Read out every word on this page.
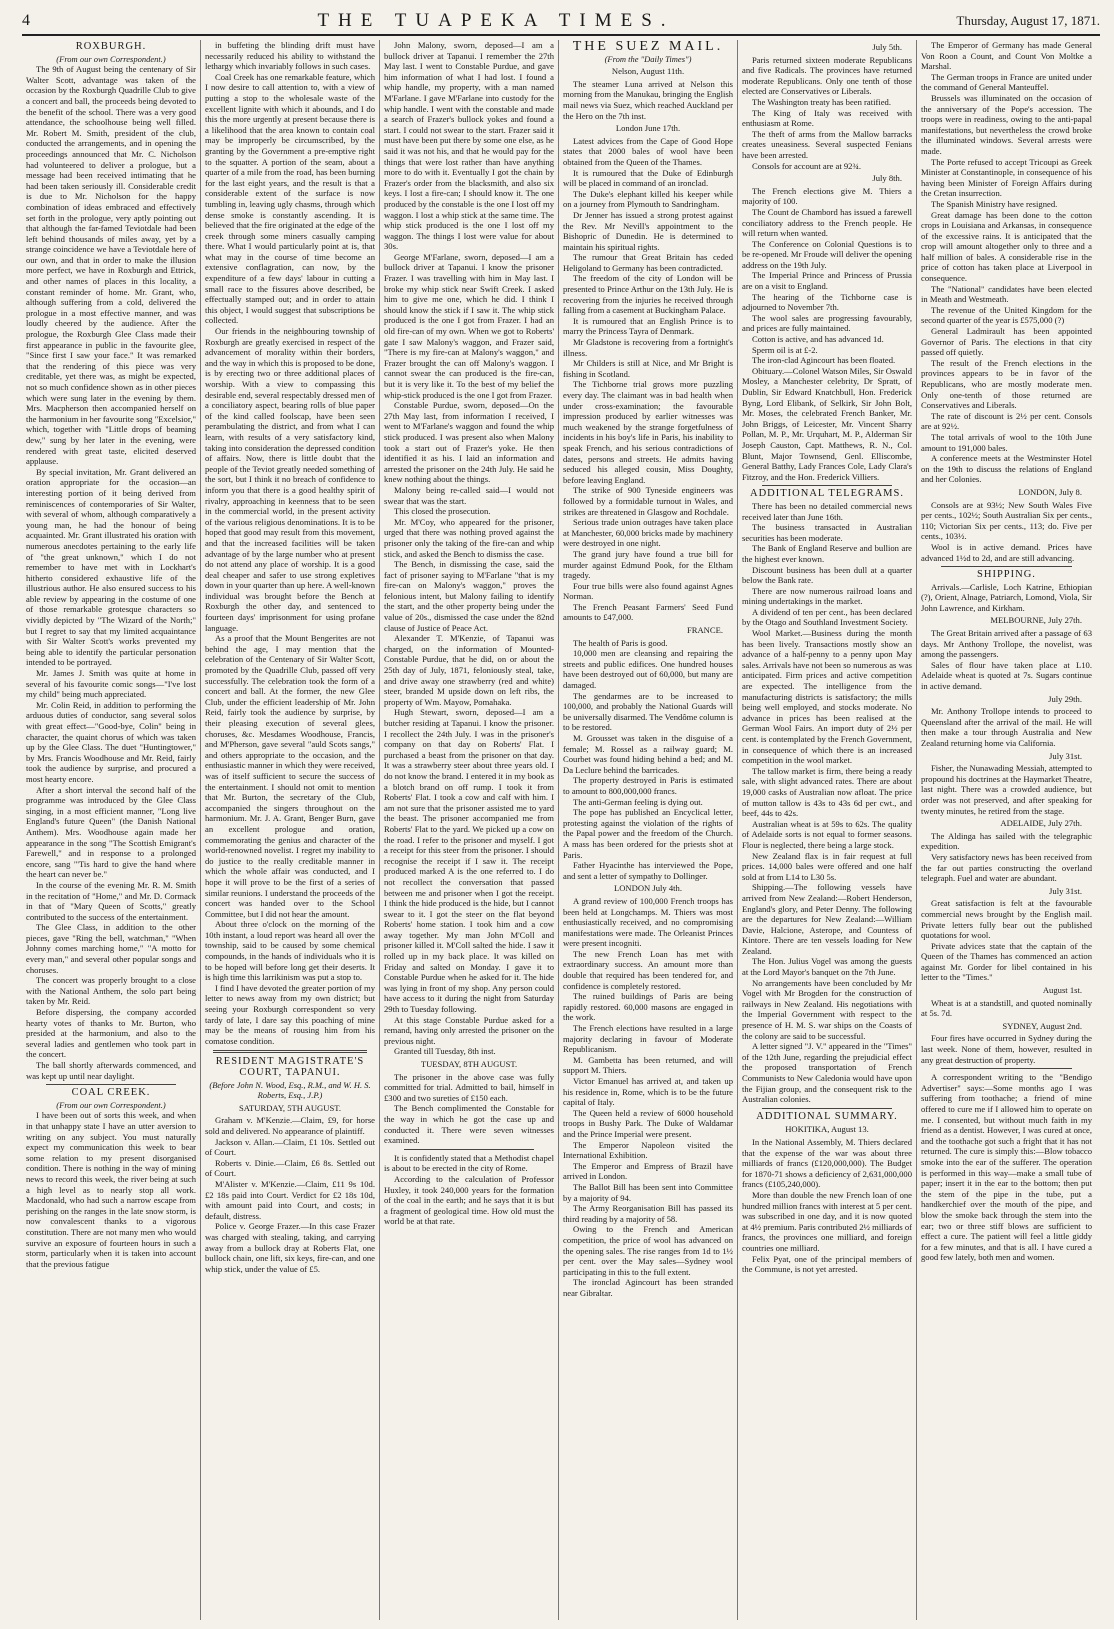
4	THE TUAPEKA TIMES.	Thursday, August 17, 1871.
ROXBURGH.

(From our own Correspondent.)

The 9th of August being the centenary of Sir Walter Scott, advantage was taken of the occasion by the Roxburgh Quadrille Club to give a concert and ball, the proceeds being devoted to the benefit of the school. There was a very good attendance, the schoolhouse being well filled. Mr. Robert M. Smith, president of the club, conducted the arrangements, and in opening the proceedings announced that Mr. C. Nicholson had volunteered to deliver a prologue, but a message had been received intimating that he had been taken seriously ill. Considerable credit is due to Mr. Nicholson for the happy combination of ideas embraced and effectively set forth in the prologue, very aptly pointing out that although the far-famed Teviotdale had been left behind thousands of miles away, yet by a strange coincidence we have a Teviotdale here of our own, and that in order to make the illusion more perfect, we have in Roxburgh and Ettrick, and other names of places in this locality, a constant reminder of home. Mr. Grant, who, although suffering from a cold, delivered the prologue in a most effective manner, and was loudly cheered by the audience. After the prologue, the Roxburgh Glee Class made their first appearance in public in the favourite glee, "Since first I saw your face." It was remarked that the rendering of this piece was very creditable, yet there was, as might be expected, not so much confidence shown as in other pieces which were sung later in the evening by them. Mrs. Macpherson then accompanied herself on the harmonium in her favourite song "Excelsior," which, together with "Little drops of beaming dew," sung by her later in the evening, were rendered with great taste, elicited deserved applause.

By special invitation, Mr. Grant delivered an oration appropriate for the occasion—an interesting portion of it being derived from reminiscences of contemporaries of Sir Walter, with several of whom, although comparatively a young man, he had the honour of being acquainted. Mr. Grant illustrated his oration with numerous anecdotes pertaining to the early life of "the great unknown," which I do not remember to have met with in Lockhart's hitherto considered exhaustive life of the illustrious author. He also ensured success to his able review by appearing in the costume of one of those remarkable grotesque characters so vividly depicted by "The Wizard of the North;" but I regret to say that my limited acquaintance with Sir Walter Scott's works prevented my being able to identify the particular personation intended to be portrayed.

Mr. James J. Smith was quite at home in several of his favourite comic songs—"I've lost my child" being much appreciated.

Mr. Colin Reid, in addition to performing the arduous duties of conductor, sang several solos with great effect—"Good-bye, Colin" being in character, the quaint chorus of which was taken up by the Glee Class. The duet "Huntingtower," by Mrs. Francis Woodhouse and Mr. Reid, fairly took the audience by surprise, and procured a most hearty encore.

After a short interval the second half of the programme was introduced by the Glee Class singing, in a most efficient manner, "Long live England's future Queen" (the Danish National Anthem). Mrs. Woodhouse again made her appearance in the song "The Scottish Emigrant's Farewell," and in response to a prolonged encore, sang "'Tis hard to give the hand where the heart can never be."

In the course of the evening Mr. R. M. Smith in the recitation of "Home," and Mr. D. Cormack in that of "Mary Queen of Scotts," greatly contributed to the success of the entertainment.

The Glee Class, in addition to the other pieces, gave "Ring the bell, watchman," "When Johnny comes marching home," "A motto for every man," and several other popular songs and choruses.

The concert was properly brought to a close with the National Anthem, the solo part being taken by Mr. Reid.

Before dispersing, the company accorded hearty votes of thanks to Mr. Burton, who presided at the harmonium, and also to the several ladies and gentlemen who took part in the concert.

The ball shortly afterwards commenced, and was kept up until near daylight.

COAL CREEK.

(From our own Correspondent.)

I have been out of sorts this week, and when in that unhappy state I have an utter aversion to writing on any subject. You must naturally expect my communication this week to bear some relation to my present disorganised condition. There is nothing in the way of mining news to record this week, the river being at such a high level as to nearly stop all work. Macdonald, who had such a narrow escape from perishing on the ranges in the late snow storm, is now convalescent thanks to a vigorous constitution. There are not many men who would survive an exposure of fourteen hours in such a storm, particularly when it is taken into account that the previous fatigue

in buffeting the blinding drift must have necessarily reduced his ability to withstand the lethargy which invariably follows in such cases.

Coal Creek has one remarkable feature, which I now desire to call attention to, with a view of putting a stop to the wholesale waste of the excellent lignite with which it abounds, and I do this the more urgently at present because there is a likelihood that the area known to contain coal may be improperly be circumscribed, by the granting by the Government a pre-emptive right to the squatter. A portion of the seam, about a quarter of a mile from the road, has been burning for the last eight years, and the result is that a considerable extent of the surface is now tumbling in, leaving ugly chasms, through which dense smoke is constantly ascending. It is believed that the fire originated at the edge of the creek through some miners casually camping there. What I would particularly point at is, that what may in the course of time become an extensive conflagration, can now, by the expenditure of a few days' labour in cutting a small race to the fissures above described, be effectually stamped out; and in order to attain this object, I would suggest that subscriptions be collected.

Our friends in the neighbouring township of Roxburgh are greatly exercised in respect of the advancement of morality within their borders, and the way in which this is proposed to be done, is by erecting two or three additional places of worship. With a view to compassing this desirable end, several respectably dressed men of a conciliatory aspect, bearing rolls of blue paper of the kind called foolscap, have been seen perambulating the district, and from what I can learn, with results of a very satisfactory kind, taking into consideration the depressed condition of affairs. Now, there is little doubt that the people of the Teviot greatly needed something of the sort, but I think it no breach of confidence to inform you that there is a good healthy spirit of rivalry, approaching in keenness that to be seen in the commercial world, in the present activity of the various religious denominations. It is to be hoped that good may result from this movement, and that the increased facilities will be taken advantage of by the large number who at present do not attend any place of worship. It is a good deal cheaper and safer to use strong expletives down in your quarter than up here. A well-known individual was brought before the Bench at Roxburgh the other day, and sentenced to fourteen days' imprisonment for using profane language.

As a proof that the Mount Bengerites are not behind the age, I may mention that the celebration of the Centenary of Sir Walter Scott, promoted by the Quadrille Club, passed off very successfully. The celebration took the form of a concert and ball. At the former, the new Glee Club, under the efficient leadership of Mr. John Reid, fairly took the audience by surprise, by their pleasing execution of several glees, choruses, &c. Mesdames Woodhouse, Francis, and M'Pherson, gave several "auld Scots sangs," and others appropriate to the occasion, and the enthusiastic manner in which they were received, was of itself sufficient to secure the success of the entertainment. I should not omit to mention that Mr. Burton, the secretary of the Club, accompanied the singers throughout on the harmonium. Mr. J. A. Grant, Benger Burn, gave an excellent prologue and oration, commemorating the genius and character of the world-renowned novelist. I regret my inability to do justice to the really creditable manner in which the whole affair was conducted, and I hope it will prove to be the first of a series of similar reunions. I understand the proceeds of the concert was handed over to the School Committee, but I did not hear the amount.

About three o'clock on the morning of the 10th instant, a loud report was heard all over the township, said to be caused by some chemical compounds, in the hands of individuals who it is to be hoped will before long get their deserts. It is high time this larrikinism was put a stop to.

I find I have devoted the greater portion of my letter to news away from my own district; but seeing your Roxburgh correspondent so very tardy of late, I dare say this poaching of mine may be the means of rousing him from his comatose condition.

RESIDENT MAGISTRATE'S COURT, TAPANUI.

(Before John N. Wood, Esq., R.M., and W. H. S. Roberts, Esq., J.P.)

SATURDAY, 5TH AUGUST.

Graham v. M'Kenzie.—Claim, £9, for horse sold and delivered. No appearance of plaintiff.

Jackson v. Allan.—Claim, £1 10s. Settled out of Court.

Roberts v. Dinie.—Claim, £6 8s. Settled out of Court.

M'Alister v. M'Kenzie.—Claim, £11 9s 10d. £2 18s paid into Court. Verdict for £2 18s 10d, with amount paid into Court, and costs; in default, distress.

Police v. George Frazer.—In this case Frazer was charged with stealing, taking, and carrying away from a bullock dray at Roberts Flat, one bullock chain, one lift, six keys, fire-can, and one whip stick, under the value of £5.

John Malony, sworn, deposed—I am a bullock driver at Tapanui. I remember the 27th May last. I went to Constable Purdue, and gave him information of what I had lost. I found a whip handle, my property, with a man named M'Farlane. I gave M'Farlane into custody for the whip handle. I went with the constable and made a search of Frazer's bullock yokes and found a start. I could not swear to the start. Frazer said it must have been put there by some one else, as he said it was not his, and that he would pay for the things that were lost rather than have anything more to do with it. Eventually I got the chain by Frazer's order from the blacksmith, and also six keys. I lost a fire-can; I should know it. The one produced by the constable is the one I lost off my waggon. I lost a whip stick at the same time. The whip stick produced is the one I lost off my waggon. The things I lost were value for about 30s.

George M'Farlane, sworn, deposed—I am a bullock driver at Tapanui. I know the prisoner Frazer. I was travelling with him in May last. I broke my whip stick near Swift Creek. I asked him to give me one, which he did. I think I should know the stick if I saw it. The whip stick produced is the one I got from Frazer. I had an old fire-can of my own. When we got to Roberts' gate I saw Malony's waggon, and Frazer said, "There is my fire-can at Malony's waggon," and Frazer brought the can off Malony's waggon. I cannot swear the can produced is the fire-can, but it is very like it. To the best of my belief the whip-stick produced is the one I got from Frazer.

Constable Purdue, sworn, deposed—On the 27th May last, from information I received, I went to M'Farlane's waggon and found the whip stick produced. I was present also when Malony took a start out of Frazer's yoke. He then identified it as his. I laid an information and arrested the prisoner on the 24th July. He said he knew nothing about the things.

Malony being re-called said—I would not swear that was the start.

This closed the prosecution.

Mr. M'Coy, who appeared for the prisoner, urged that there was nothing proved against the prisoner only the taking of the fire-can and whip stick, and asked the Bench to dismiss the case.

The Bench, in dismissing the case, said the fact of prisoner saying to M'Farlane "that is my fire-can on Malony's waggon," proves the felonious intent, but Malony failing to identify the start, and the other property being under the value of 20s., dismissed the case under the 82nd clause of Justice of Peace Act.

Alexander T. M'Kenzie, of Tapanui was charged, on the information of Mounted-Constable Purdue, that he did, on or about the 25th day of July, 1871, feloniously steal, take, and drive away one strawberry (red and white) steer, branded M upside down on left ribs, the property of Wm. Mayow, Pomahaka.

Hugh Stewart, sworn, deposed—I am a butcher residing at Tapanui. I know the prisoner. I recollect the 24th July. I was in the prisoner's company on that day on Roberts' Flat. I purchased a beast from the prisoner on that day. It was a strawberry steer about three years old. I do not know the brand. I entered it in my book as a blotch brand on off rump. I took it from Roberts' Flat. I took a cow and calf with him. I am not sure that the prisoner assisted me to yard the beast. The prisoner accompanied me from Roberts' Flat to the yard. We picked up a cow on the road. I refer to the prisoner and myself. I got a receipt for this steer from the prisoner. I should recognise the receipt if I saw it. The receipt produced marked A is the one referred to. I do not recollect the conversation that passed between me and prisoner when I got the receipt. I think the hide produced is the hide, but I cannot swear to it. I got the steer on the flat beyond Roberts' home station. I took him and a cow away together. My man John M'Coll and prisoner killed it. M'Coll salted the hide. I saw it rolled up in my back place. It was killed on Friday and salted on Monday. I gave it to Constable Purdue when he asked for it. The hide was lying in front of my shop. Any person could have access to it during the night from Saturday 29th to Tuesday following.

At this stage Constable Purdue asked for a remand, having only arrested the prisoner on the previous night.

Granted till Tuesday, 8th inst.

TUESDAY, 8TH AUGUST.

The prisoner in the above case was fully committed for trial. Admitted to bail, himself in £300 and two sureties of £150 each.

The Bench complimented the Constable for the way in which he got the case up and conducted it. There were seven witnesses examined.

It is confidently stated that a Methodist chapel is about to be erected in the city of Rome.

According to the calculation of Professor Huxley, it took 240,000 years for the formation of the coal in the earth; and he says that it is but a fragment of geological time. How old must the world be at that rate.

THE SUEZ MAIL.

(From the "Daily Times")

Nelson, August 11th.

The steamer Luna arrived at Nelson this morning from the Manukau, bringing the English mail news via Suez, which reached Auckland per the Hero on the 7th inst.

London June 17th.

Latest advices from the Cape of Good Hope states that 2000 bales of wool have been obtained from the Queen of the Thames.

It is rumoured that the Duke of Edinburgh will be placed in command of an ironclad.

The Duke's elephant killed his keeper while on a journey from Plymouth to Sandringham.

Dr Jenner has issued a strong protest against the Rev. Mr Nevill's appointment to the Bishopric of Dunedin. He is determined to maintain his spiritual rights.

The rumour that Great Britain has ceded Heligoland to Germany has been contradicted.

The freedom of the city of London will be presented to Prince Arthur on the 13th July. He is recovering from the injuries he received through falling from a casement at Buckingham Palace.

It is rumoured that an English Prince is to marry the Princess Tayra of Denmark.

Mr Gladstone is recovering from a fortnight's illness.

Mr Childers is still at Nice, and Mr Bright is fishing in Scotland.

The Tichborne trial grows more puzzling every day. The claimant was in bad health when under cross-examination; the favourable impression produced by earlier witnesses was much weakened by the strange forgetfulness of incidents in his boy's life in Paris, his inability to speak French, and his serious contradictions of dates, persons and streets. He admits having seduced his alleged cousin, Miss Doughty, before leaving England.

The strike of 900 Tyneside engineers was followed by a formidable turnout in Wales, and strikes are threatened in Glasgow and Rochdale.

Serious trade union outrages have taken place at Manchester, 60,000 bricks made by machinery were destroyed in one night.

The grand jury have found a true bill for murder against Edmund Pook, for the Eltham tragedy.

Four true bills were also found against Agnes Norman.

The French Peasant Farmers' Seed Fund amounts to £47,000.

FRANCE.

The health of Paris is good.

10,000 men are cleansing and repairing the streets and public edifices. One hundred houses have been destroyed out of 60,000, but many are damaged.

The gendarmes are to be increased to 100,000, and probably the National Guards will be universally disarmed. The Vendôme column is to be restored.

M. Grousset was taken in the disguise of a female; M. Rossel as a railway guard; M. Courbet was found hiding behind a bed; and M. Da Leclure behind the barricades.

The property destroyed in Paris is estimated to amount to 800,000,000 francs.

The anti-German feeling is dying out.

The pope has published an Encyclical letter, protesting against the violation of the rights of the Papal power and the freedom of the Church. A mass has been ordered for the priests shot at Paris.

Father Hyacinthe has interviewed the Pope, and sent a letter of sympathy to Dollinger.

LONDON July 4th.

A grand review of 100,000 French troops has been held at Longchamps. M. Thiers was most enthusiastically received, and no compromising manifestations were made. The Orleanist Princes were present incogniti.

The new French Loan has met with extraordinary success. An amount more than double that required has been tendered for, and confidence is completely restored.

The ruined buildings of Paris are being rapidly restored. 60,000 masons are engaged in the work.

The French elections have resulted in a large majority declaring in favour of Moderate Republicanism.

M. Gambetta has been returned, and will support M. Thiers.

Victor Emanuel has arrived at, and taken up his residence in, Rome, which is to be the future capital of Italy.

The Queen held a review of 6000 household troops in Bushy Park. The Duke of Waldamar and the Prince Imperial were present.

The Emperor Napoleon visited the International Exhibition.

The Emperor and Empress of Brazil have arrived in London.

The Ballot Bill has been sent into Committee by a majority of 94.

The Army Reorganisation Bill has passed its third reading by a majority of 58.

Owing to the French and American competition, the price of wool has advanced on the opening sales. The rise ranges from 1d to 1½ per cent. over the May sales—Sydney wool participating in this to the full extent.

The ironclad Agincourt has been stranded near Gibraltar.

July 5th.

Paris returned sixteen moderate Republicans and five Radicals. The provinces have returned moderate Republicans. Only one tenth of those elected are Conservatives or Liberals.

The Washington treaty has been ratified.

The King of Italy was received with enthusiasm at Rome.

The theft of arms from the Mallow barracks creates uneasiness. Several suspected Fenians have been arrested.

Consols for account are at 92¾.

July 8th.

The French elections give M. Thiers a majority of 100.

The Count de Chambord has issued a farewell conciliatory address to the French people. He will return when wanted.

The Conference on Colonial Questions is to be re-opened. Mr Froude will deliver the opening address on the 19th July.

The Imperial Prince and Princess of Prussia are on a visit to England.

The hearing of the Tichborne case is adjourned to November 7th.

The wool sales are progressing favourably, and prices are fully maintained.

Cotton is active, and has advanced 1d.

Sperm oil is at £-2.

The iron-clad Agincourt has been floated.

Obituary.—Colonel Watson Miles, Sir Oswald Mosley, a Manchester celebrity, Dr Spratt, of Dublin, Sir Edward Knatchbull, Hon. Frederick Byng, Lord Elibank, of Selkirk, Sir John Bolt, Mr. Moses, the celebrated French Banker, Mr. John Briggs, of Leicester, Mr. Vincent Sharry Pollan, M. P., Mr. Urquhart, M. P., Alderman Sir Joseph Causton, Capt. Matthews, R. N., Col. Blunt, Major Townsend, Genl. Elliscombe, General Batthy, Lady Frances Cole, Lady Clara's Fitzroy, and the Hon. Frederick Villiers.

ADDITIONAL TELEGRAMS.

There has been no detailed commercial news received later than June 16th.

The business transacted in Australian securities has been moderate.

The Bank of England Reserve and bullion are the highest ever known.

Discount business has been dull at a quarter below the Bank rate.

There are now numerous railroad loans and mining undertakings in the market.

A dividend of ten per cent., has been declared by the Otago and Southland Investment Society.

Wool Market.—Business during the month has been lively. Transactions mostly show an advance of a half-penny to a penny upon May sales. Arrivals have not been so numerous as was anticipated. Firm prices and active competition are expected. The intelligence from the manufacturing districts is satisfactory; the mills being well employed, and stocks moderate. No advance in prices has been realised at the German Wool Fairs. An import duty of 2½ per cent. is contemplated by the French Government, in consequence of which there is an increased competition in the wool market.

The tallow market is firm, there being a ready sale, with slight advanced rates. There are about 19,000 casks of Australian now afloat. The price of mutton tallow is 43s to 43s 6d per cwt., and beef, 44s to 42s.

Australian wheat is at 59s to 62s. The quality of Adelaide sorts is not equal to former seasons. Flour is neglected, there being a large stock.

New Zealand flax is in fair request at full prices. 14,000 bales were offered and one half sold at from L14 to L30 5s.

Shipping.—The following vessels have arrived from New Zealand:—Robert Henderson, England's glory, and Peter Denny. The following are the departures for New Zealand:—William Davie, Halcione, Asterope, and Countess of Kintore. There are ten vessels loading for New Zealand.

The Hon. Julius Vogel was among the guests at the Lord Mayor's banquet on the 7th June.

No arrangements have been concluded by Mr Vogel with Mr Brogden for the construction of railways in New Zealand. His negotiations with the Imperial Government with respect to the presence of H. M. S. war ships on the Coasts of the colony are said to be successful.

A letter signed "J. V." appeared in the "Times" of the 12th June, regarding the prejudicial effect the proposed transportation of French Communists to New Caledonia would have upon the Fijian group, and the consequent risk to the Australian colonies.

ADDITIONAL SUMMARY.
HOKITIKA, August 13.

In the National Assembly, M. Thiers declared that the expense of the war was about three milliards of francs (£120,000,000). The Budget for 1870-71 shows a deficiency of 2,631,000,000 francs (£105,240,000).

More than double the new French loan of one hundred million francs with interest at 5 per cent. was subscribed in one day, and it is now quoted at 4½ premium. Paris contributed 2½ milliards of francs, the provinces one milliard, and foreign countries one milliard.

Felix Pyat, one of the principal members of the Commune, is not yet arrested.

The Emperor of Germany has made General Von Roon a Count, and Count Von Moltke a Marshal.

The German troops in France are united under the command of General Manteuffel.

Brussels was illuminated on the occasion of the anniversary of the Pope's accession. The troops were in readiness, owing to the anti-papal manifestations, but nevertheless the crowd broke the illuminated windows. Several arrests were made.

The Porte refused to accept Tricoupi as Greek Minister at Constantinople, in consequence of his having been Minister of Foreign Affairs during the Cretan insurrection.

The Spanish Ministry have resigned.

Great damage has been done to the cotton crops in Louisiana and Arkansas, in consequence of the excessive rains. It is anticipated that the crop will amount altogether only to three and a half million of bales. A considerable rise in the price of cotton has taken place at Liverpool in consequence.

The "National" candidates have been elected in Meath and Westmeath.

The revenue of the United Kingdom for the second quarter of the year is £575,000 (?)

General Ladmirault has been appointed Governor of Paris. The elections in that city passed off quietly.

The result of the French elections in the provinces appears to be in favor of the Republicans, who are mostly moderate men. Only one-tenth of those returned are Conservatives and Liberals.

The rate of discount is 2½ per cent. Consols are at 92½.

The total arrivals of wool to the 10th June amount to 191,000 bales.

A conference meets at the Westminster Hotel on the 19th to discuss the relations of England and her Colonies.

LONDON, July 8.

Consols are at 93½; New South Wales Five per cents., 102½; South Australian Six per cents., 110; Victorian Six per cents., 113; do. Five per cents., 103½.

Wool is in active demand. Prices have advanced 1½d to 2d, and are still advancing.

SHIPPING.

Arrivals.—Carlisle, Loch Katrine, Ethiopian (?), Orient, Alnage, Patriarch, Lomond, Viola, Sir John Lawrence, and Kirkham.

MELBOURNE, July 27th.

The Great Britain arrived after a passage of 63 days. Mr Anthony Trollope, the novelist, was among the passengers.

Sales of flour have taken place at L10. Adelaide wheat is quoted at 7s. Sugars continue in active demand.

July 29th.

Mr. Anthony Trollope intends to proceed to Queensland after the arrival of the mail. He will then make a tour through Australia and New Zealand returning home via California.

July 31st.

Fisher, the Nunawading Messiah, attempted to propound his doctrines at the Haymarket Theatre, last night. There was a crowded audience, but order was not preserved, and after speaking for twenty minutes, he retired from the stage.

ADELAIDE, July 27th.

The Aldinga has sailed with the telegraphic expedition.

Very satisfactory news has been received from the far out parties constructing the overland telegraph. Fuel and water are abundant.

July 31st.

Great satisfaction is felt at the favourable commercial news brought by the English mail. Private letters fully bear out the published quotations for wool.

Private advices state that the captain of the Queen of the Thames has commenced an action against Mr. Gorder for libel contained in his letter to the "Times."

August 1st.

Wheat is at a standstill, and quoted nominally at 5s. 7d.

SYDNEY, August 2nd.

Four fires have occurred in Sydney during the last week. None of them, however, resulted in any great destruction of property.

A correspondent writing to the "Bendigo Advertiser" says:—Some months ago I was suffering from toothache; a friend of mine offered to cure me if I allowed him to operate on me. I consented, but without much faith in my friend as a dentist. However, I was cured at once, and the toothache got such a fright that it has not returned. The cure is simply this:—Blow tobacco smoke into the ear of the sufferer. The operation is performed in this way—make a small tube of paper; insert it in the ear to the bottom; then put the stem of the pipe in the tube, put a handkerchief over the mouth of the pipe, and blow the smoke back through the stem into the ear; two or three stiff blows are sufficient to effect a cure. The patient will feel a little giddy for a few minutes, and that is all. I have cured a good few lately, both men and women.
